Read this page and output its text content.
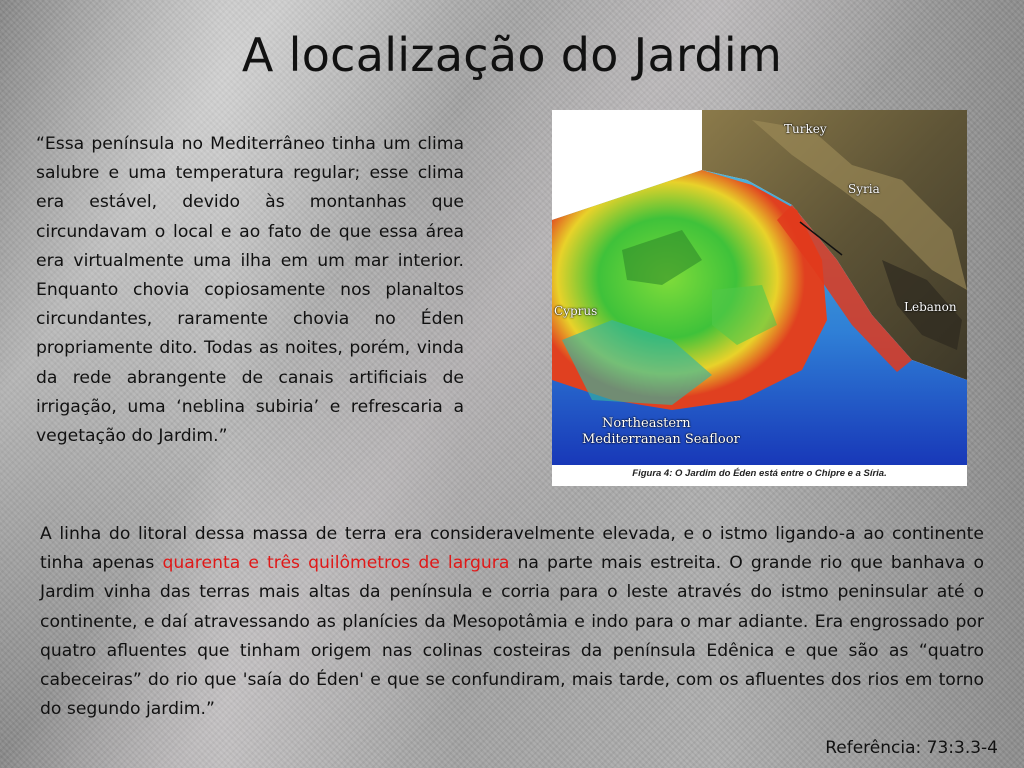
A localização do Jardim
“Essa península no Mediterrâneo tinha um clima salubre e uma temperatura regular; esse clima era estável, devido às montanhas que circundavam o local e ao fato de que essa área era virtualmente uma ilha em um mar interior. Enquanto chovia copiosamente nos planaltos circundantes, raramente chovia no Éden propriamente dito. Todas as noites, porém, vinda da rede abrangente de canais artificiais de irrigação, uma ‘neblina subiria’ e refrescaria a vegetação do Jardim.”
Turkey
Syria
Cyprus	Lebanon
Northeastern
Mediterranean Seafloor
Figura 4: O Jardim do Éden está entre o Chipre e a Síria.
A linha do litoral dessa massa de terra era consideravelmente elevada, e o istmo ligando-a ao continente tinha apenas quarenta e três quilômetros de largura na parte mais estreita. O grande rio que banhava o Jardim vinha das terras mais altas da península e corria para o leste através do istmo peninsular até o continente, e daí atravessando as planícies da Mesopotâmia e indo para o mar adiante. Era engrossado por quatro afluentes que tinham origem nas colinas costeiras da península Edênica e que são as “quatro cabeceiras” do rio que 'saía do Éden' e que se confundiram, mais tarde, com os afluentes dos rios em torno do segundo jardim.”
Referência: 73:3.3-4
